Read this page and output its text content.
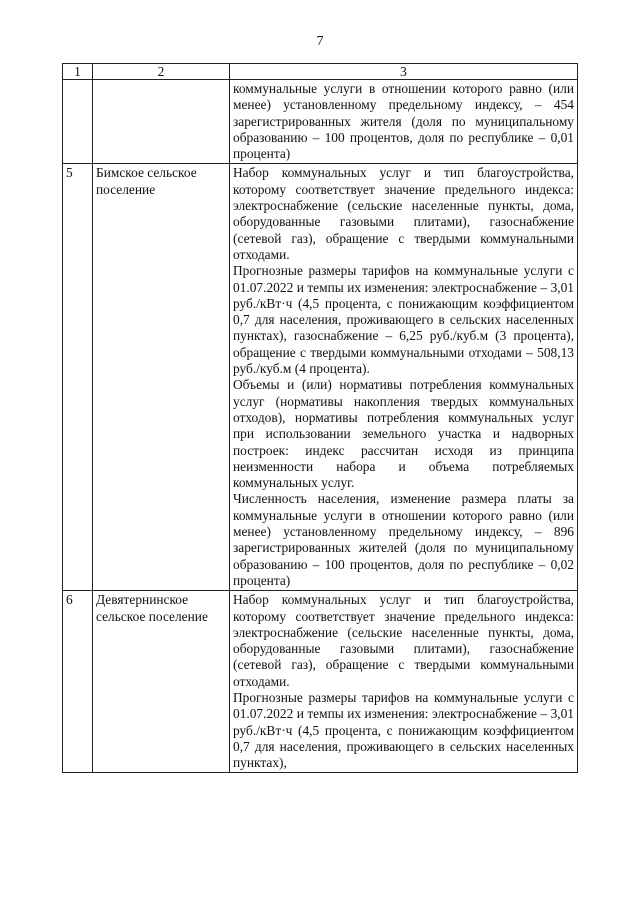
7
1	2	3

		коммунальные услуги в отношении которого равно (или менее) установленному предельному индексу, – 454 зарегистрированных жителя (доля по муниципальному образованию – 100 процентов, доля по республике – 0,01 процента)

5	Бимское сельское поселение	Набор коммунальных услуг и тип благоустройства, которому соответствует значение предельного индекса: электроснабжение (сельские населенные пункты, дома, оборудованные газовыми плитами), газоснабжение (сетевой газ), обращение с твердыми коммунальными отходами.

Прогнозные размеры тарифов на коммунальные услуги с 01.07.2022 и темпы их изменения: электроснабжение – 3,01 руб./кВт·ч (4,5 процента, с понижающим коэффициентом 0,7 для населения, проживающего в сельских населенных пунктах), газоснабжение – 6,25 руб./куб.м (3 процента), обращение с твердыми коммунальными отходами – 508,13 руб./куб.м (4 процента).

Объемы и (или) нормативы потребления коммунальных услуг (нормативы накопления твердых коммунальных отходов), нормативы потребления коммунальных услуг при использовании земельного участка и надворных построек: индекс рассчитан исходя из принципа неизменности набора и объема потребляемых коммунальных услуг.

Численность населения, изменение размера платы за коммунальные услуги в отношении которого равно (или менее) установленному предельному индексу, – 896 зарегистрированных жителей (доля по муниципальному образованию – 100 процентов, доля по республике – 0,02 процента)

6	Девятернинское сельское поселение	Набор коммунальных услуг и тип благоустройства, которому соответствует значение предельного индекса: электроснабжение (сельские населенные пункты, дома, оборудованные газовыми плитами), газоснабжение (сетевой газ), обращение с твердыми коммунальными отходами.

Прогнозные размеры тарифов на коммунальные услуги с 01.07.2022 и темпы их изменения: электроснабжение – 3,01 руб./кВт·ч (4,5 процента, с понижающим коэффициентом 0,7 для населения, проживающего в сельских населенных пунктах),
